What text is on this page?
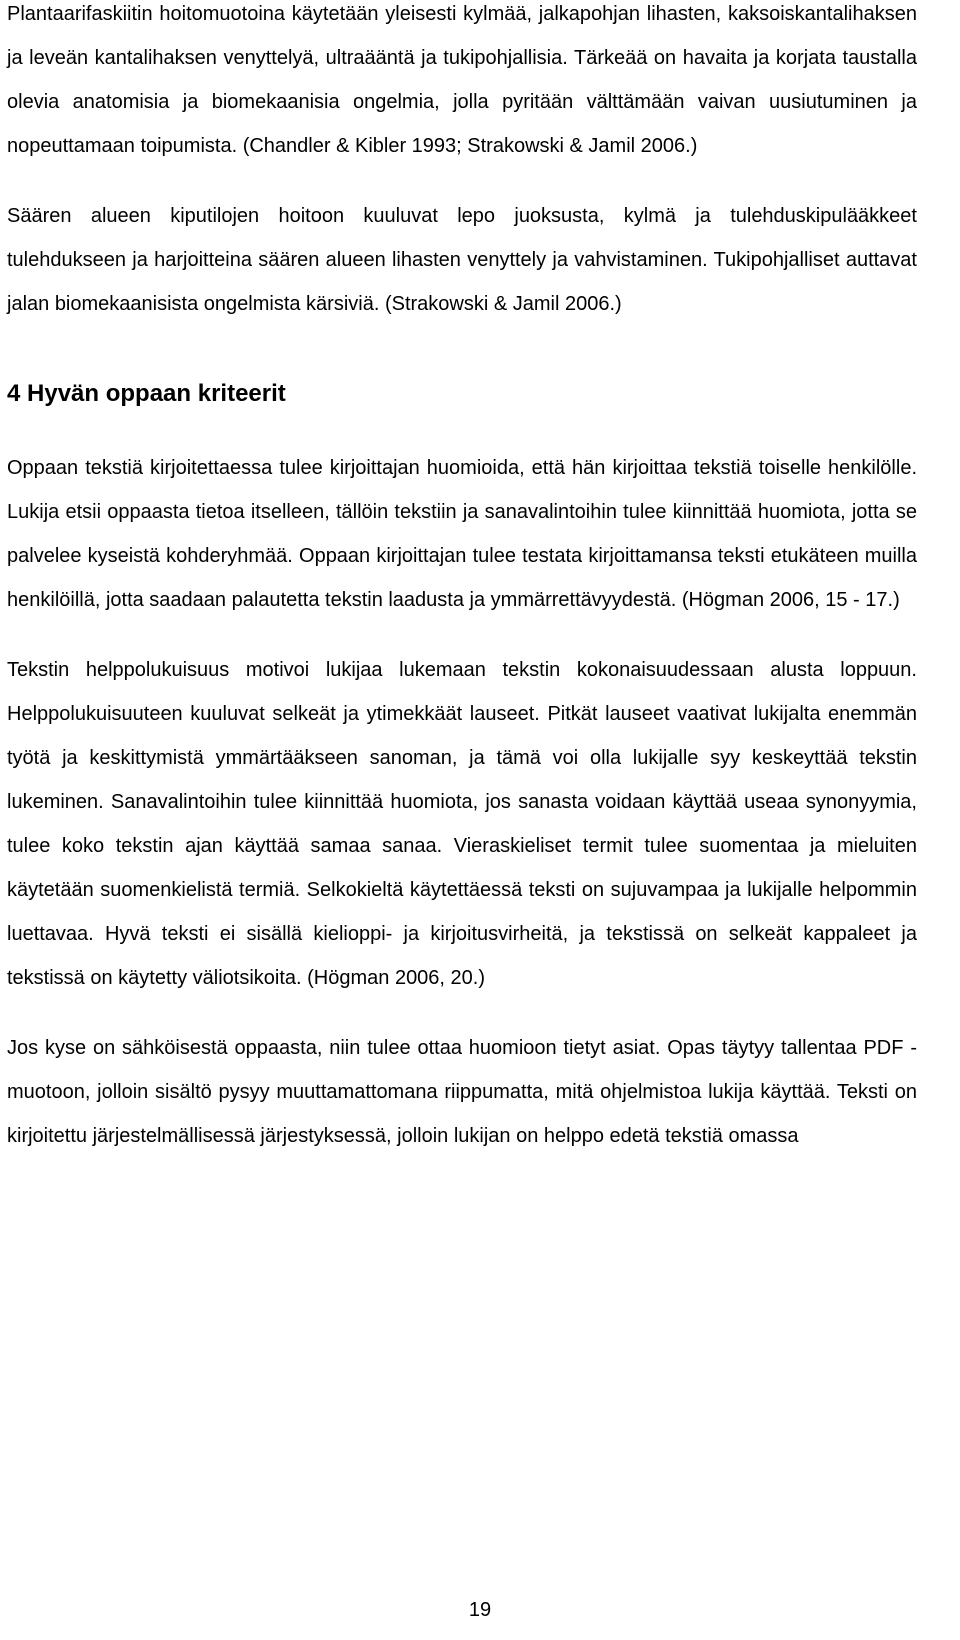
Plantaarifaskiitin hoitomuotoina käytetään yleisesti kylmää, jalkapohjan lihasten, kaksoiskantalihaksen ja leveän kantalihaksen venyttelyä, ultraääntä ja tukipohjallisia. Tärkeää on havaita ja korjata taustalla olevia anatomisia ja biomekaanisia ongelmia, jolla pyritään välttämään vaivan uusiutuminen ja nopeuttamaan toipumista. (Chandler & Kibler 1993; Strakowski & Jamil 2006.)

Säären alueen kiputilojen hoitoon kuuluvat lepo juoksusta, kylmä ja tulehduskipulääkkeet tulehdukseen ja harjoitteina säären alueen lihasten venyttely ja vahvistaminen. Tukipohjalliset auttavat jalan biomekaanisista ongelmista kärsiviä. (Strakowski & Jamil 2006.)

4 Hyvän oppaan kriteerit

Oppaan tekstiä kirjoitettaessa tulee kirjoittajan huomioida, että hän kirjoittaa tekstiä toiselle henkilölle. Lukija etsii oppaasta tietoa itselleen, tällöin tekstiin ja sanavalintoihin tulee kiinnittää huomiota, jotta se palvelee kyseistä kohderyhmää. Oppaan kirjoittajan tulee testata kirjoittamansa teksti etukäteen muilla henkilöillä, jotta saadaan palautetta tekstin laadusta ja ymmärrettävyydestä. (Högman 2006, 15 - 17.)

Tekstin helppolukuisuus motivoi lukijaa lukemaan tekstin kokonaisuudessaan alusta loppuun. Helppolukuisuuteen kuuluvat selkeät ja ytimekkäät lauseet. Pitkät lauseet vaativat lukijalta enemmän työtä ja keskittymistä ymmärtääkseen sanoman, ja tämä voi olla lukijalle syy keskeyttää tekstin lukeminen. Sanavalintoihin tulee kiinnittää huomiota, jos sanasta voidaan käyttää useaa synonyymia, tulee koko tekstin ajan käyttää samaa sanaa. Vieraskieliset termit tulee suomentaa ja mieluiten käytetään suomenkielistä termiä. Selkokieltä käytettäessä teksti on sujuvampaa ja lukijalle helpommin luettavaa. Hyvä teksti ei sisällä kielioppi- ja kirjoitusvirheitä, ja tekstissä on selkeät kappaleet ja tekstissä on käytetty väliotsikoita. (Högman 2006, 20.)

Jos kyse on sähköisestä oppaasta, niin tulee ottaa huomioon tietyt asiat. Opas täytyy tallentaa PDF -muotoon, jolloin sisältö pysyy muuttamattomana riippumatta, mitä ohjelmistoa lukija käyttää. Teksti on kirjoitettu järjestelmällisessä järjestyksessä, jolloin lukijan on helppo edetä tekstiä omassa

19
